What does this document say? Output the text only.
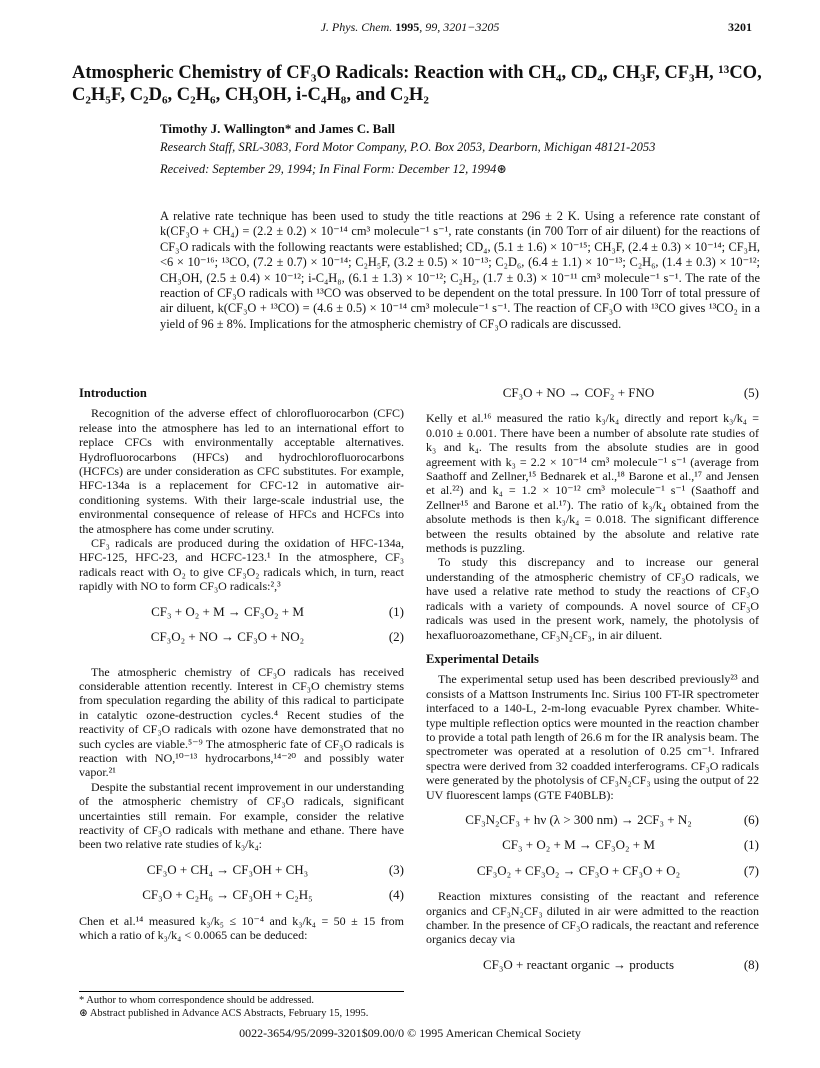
J. Phys. Chem. 1995, 99, 3201−3205	3201
Atmospheric Chemistry of CF₃O Radicals: Reaction with CH₄, CD₄, CH₃F, CF₃H, ¹³CO, C₂H₅F, C₂D₆, C₂H₆, CH₃OH, i-C₄H₈, and C₂H₂
Timothy J. Wallington* and James C. Ball
Research Staff, SRL-3083, Ford Motor Company, P.O. Box 2053, Dearborn, Michigan 48121-2053
Received: September 29, 1994; In Final Form: December 12, 1994⊛

A relative rate technique has been used to study the title reactions at 296 ± 2 K. Using a reference rate constant of k(CF₃O + CH₄) = (2.2 ± 0.2) × 10⁻¹⁴ cm³ molecule⁻¹ s⁻¹, rate constants (in 700 Torr of air diluent) for the reactions of CF₃O radicals with the following reactants were established; CD₄, (5.1 ± 1.6) × 10⁻¹⁵; CH₃F, (2.4 ± 0.3) × 10⁻¹⁴; CF₃H, <6 × 10⁻¹⁶; ¹³CO, (7.2 ± 0.7) × 10⁻¹⁴; C₂H₅F, (3.2 ± 0.5) × 10⁻¹³; C₂D₆, (6.4 ± 1.1) × 10⁻¹³; C₂H₆, (1.4 ± 0.3) × 10⁻¹²; CH₃OH, (2.5 ± 0.4) × 10⁻¹²; i-C₄H₈, (6.1 ± 1.3) × 10⁻¹²; C₂H₂, (1.7 ± 0.3) × 10⁻¹¹ cm³ molecule⁻¹ s⁻¹. The rate of the reaction of CF₃O radicals with ¹³CO was observed to be dependent on the total pressure. In 100 Torr of total pressure of air diluent, k(CF₃O + ¹³CO) = (4.6 ± 0.5) × 10⁻¹⁴ cm³ molecule⁻¹ s⁻¹. The reaction of CF₃O with ¹³CO gives ¹³CO₂ in a yield of 96 ± 8%. Implications for the atmospheric chemistry of CF₃O radicals are discussed.

Introduction

Recognition of the adverse effect of chlorofluorocarbon (CFC) release into the atmosphere has led to an international effort to replace CFCs with environmentally acceptable alternatives. Hydrofluorocarbons (HFCs) and hydrochlorofluorocarbons (HCFCs) are under consideration as CFC substitutes. For example, HFC-134a is a replacement for CFC-12 in automative air-conditioning systems. With their large-scale industrial use, the environmental consequence of release of HFCs and HCFCs into the atmosphere has come under scrutiny.

CF₃ radicals are produced during the oxidation of HFC-134a, HFC-125, HFC-23, and HCFC-123.¹ In the atmosphere, CF₃ radicals react with O₂ to give CF₃O₂ radicals which, in turn, react rapidly with NO to form CF₃O radicals:²,³

CF₃ + O₂ + M → CF₃O₂ + M	(1)
CF₃O₂ + NO → CF₃O + NO₂	(2)

The atmospheric chemistry of CF₃O radicals has received considerable attention recently. Interest in CF₃O chemistry stems from speculation regarding the ability of this radical to participate in catalytic ozone-destruction cycles.⁴ Recent studies of the reactivity of CF₃O radicals with ozone have demonstrated that no such cycles are viable.⁵⁻⁹ The atmospheric fate of CF₃O radicals is reaction with NO,¹⁰⁻¹³ hydrocarbons,¹⁴⁻²⁰ and possibly water vapor.²¹

Despite the substantial recent improvement in our understanding of the atmospheric chemistry of CF₃O radicals, significant uncertainties still remain. For example, consider the relative reactivity of CF₃O radicals with methane and ethane. There have been two relative rate studies of k₃/k₄:

CF₃O + CH₄ → CF₃OH + CH₃	(3)
CF₃O + C₂H₆ → CF₃OH + C₂H₅	(4)

Chen et al.¹⁴ measured k₃/k₅ ≤ 10⁻⁴ and k₃/k₄ = 50 ± 15 from which a ratio of k₃/k₄ < 0.0065 can be deduced:

* Author to whom correspondence should be addressed.
⊛ Abstract published in Advance ACS Abstracts, February 15, 1995.
CF₃O + NO → COF₂ + FNO	(5)

Kelly et al.¹⁶ measured the ratio k₃/k₄ directly and report k₃/k₄ = 0.010 ± 0.001. There have been a number of absolute rate studies of k₃ and k₄. The results from the absolute studies are in good agreement with k₃ = 2.2 × 10⁻¹⁴ cm³ molecule⁻¹ s⁻¹ (average from Saathoff and Zellner,¹⁵ Bednarek et al.,¹⁸ Barone et al.,¹⁷ and Jensen et al.²²) and k₄ = 1.2 × 10⁻¹² cm³ molecule⁻¹ s⁻¹ (Saathoff and Zellner¹⁵ and Barone et al.¹⁷). The ratio of k₃/k₄ obtained from the absolute methods is then k₃/k₄ = 0.018. The significant difference between the results obtained by the absolute and relative rate methods is puzzling.

To study this discrepancy and to increase our general understanding of the atmospheric chemistry of CF₃O radicals, we have used a relative rate method to study the reactions of CF₃O radicals with a variety of compounds. A novel source of CF₃O radicals was used in the present work, namely, the photolysis of hexafluoroazomethane, CF₃N₂CF₃, in air diluent.

Experimental Details

The experimental setup used has been described previously²³ and consists of a Mattson Instruments Inc. Sirius 100 FT-IR spectrometer interfaced to a 140-L, 2-m-long evacuable Pyrex chamber. White-type multiple reflection optics were mounted in the reaction chamber to provide a total path length of 26.6 m for the IR analysis beam. The spectrometer was operated at a resolution of 0.25 cm⁻¹. Infrared spectra were derived from 32 coadded interferograms. CF₃O radicals were generated by the photolysis of CF₃N₂CF₃ using the output of 22 UV fluorescent lamps (GTE F40BLB):

CF₃N₂CF₃ + hν (λ > 300 nm) → 2CF₃ + N₂	(6)
CF₃ + O₂ + M → CF₃O₂ + M	(1)
CF₃O₂ + CF₃O₂ → CF₃O + CF₃O + O₂	(7)

Reaction mixtures consisting of the reactant and reference organics and CF₃N₂CF₃ diluted in air were admitted to the reaction chamber. In the presence of CF₃O radicals, the reactant and reference organics decay via

CF₃O + reactant organic → products	(8)
0022-3654/95/2099-3201$09.00/0 © 1995 American Chemical Society
